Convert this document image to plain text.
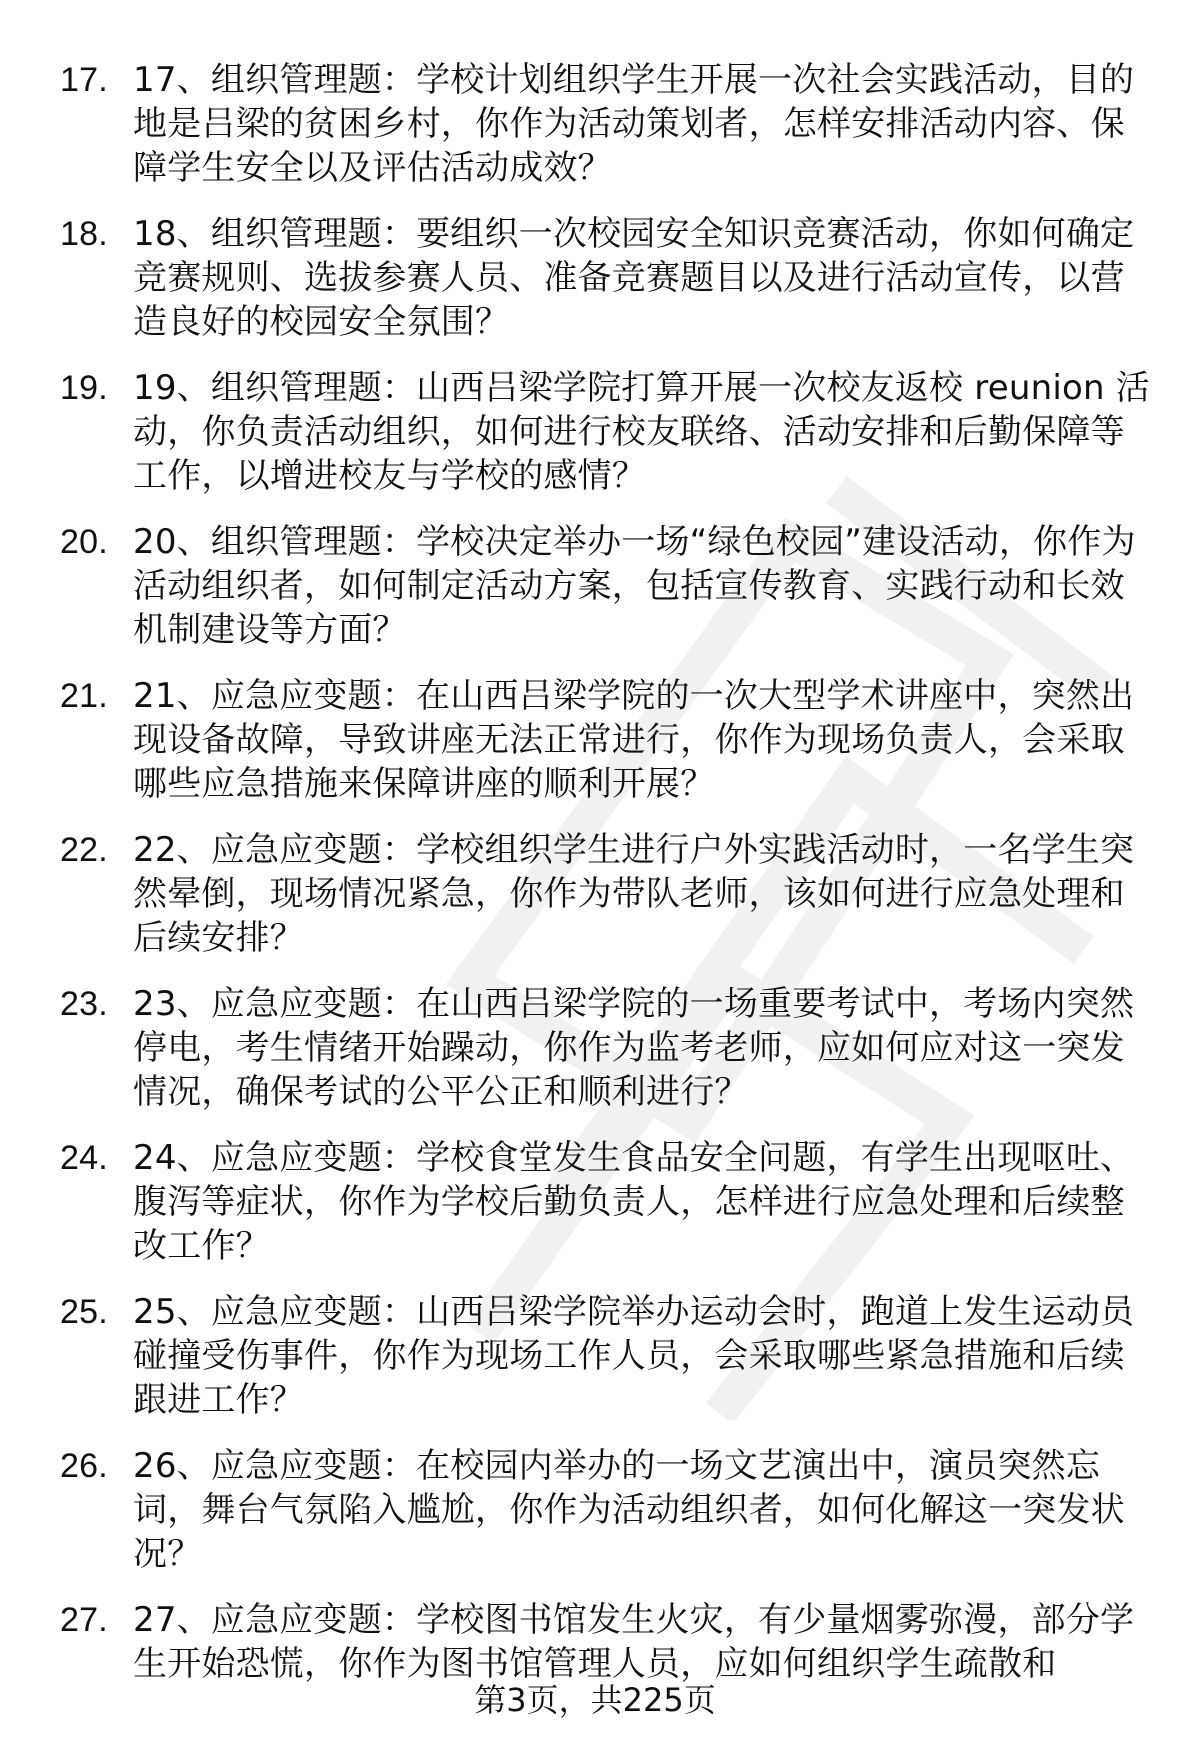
17. 17、组织管理题：学校计划组织学生开展一次社会实践活动，目的地是吕梁的贫困乡村，你作为活动策划者，怎样安排活动内容、保障学生安全以及评估活动成效？
18. 18、组织管理题：要组织一次校园安全知识竞赛活动，你如何确定竞赛规则、选拔参赛人员、准备竞赛题目以及进行活动宣传，以营造良好的校园安全氛围？
19. 19、组织管理题：山西吕梁学院打算开展一次校友返校 reunion 活动，你负责活动组织，如何进行校友联络、活动安排和后勤保障等工作，以增进校友与学校的感情？
20. 20、组织管理题：学校决定举办一场“绿色校园”建设活动，你作为活动组织者，如何制定活动方案，包括宣传教育、实践行动和长效机制建设等方面？
21. 21、应急应变题：在山西吕梁学院的一次大型学术讲座中，突然出现设备故障，导致讲座无法正常进行，你作为现场负责人，会采取哪些应急措施来保障讲座的顺利开展？
22. 22、应急应变题：学校组织学生进行户外实践活动时，一名学生突然晕倒，现场情况紧急，你作为带队老师，该如何进行应急处理和后续安排？
23. 23、应急应变题：在山西吕梁学院的一场重要考试中，考场内突然停电，考生情绪开始躁动，你作为监考老师，应如何应对这一突发情况，确保考试的公平公正和顺利进行？
24. 24、应急应变题：学校食堂发生食品安全问题，有学生出现呕吐、腹泻等症状，你作为学校后勤负责人，怎样进行应急处理和后续整改工作？
25. 25、应急应变题：山西吕梁学院举办运动会时，跑道上发生运动员碰撞受伤事件，你作为现场工作人员，会采取哪些紧急措施和后续跟进工作？
26. 26、应急应变题：在校园内举办的一场文艺演出中，演员突然忘词，舞台气氛陷入尴尬，你作为活动组织者，如何化解这一突发状况？
27. 27、应急应变题：学校图书馆发生火灾，有少量烟雾弥漫，部分学生开始恐慌，你作为图书馆管理人员，应如何组织学生疏散和
第3页，共225页
